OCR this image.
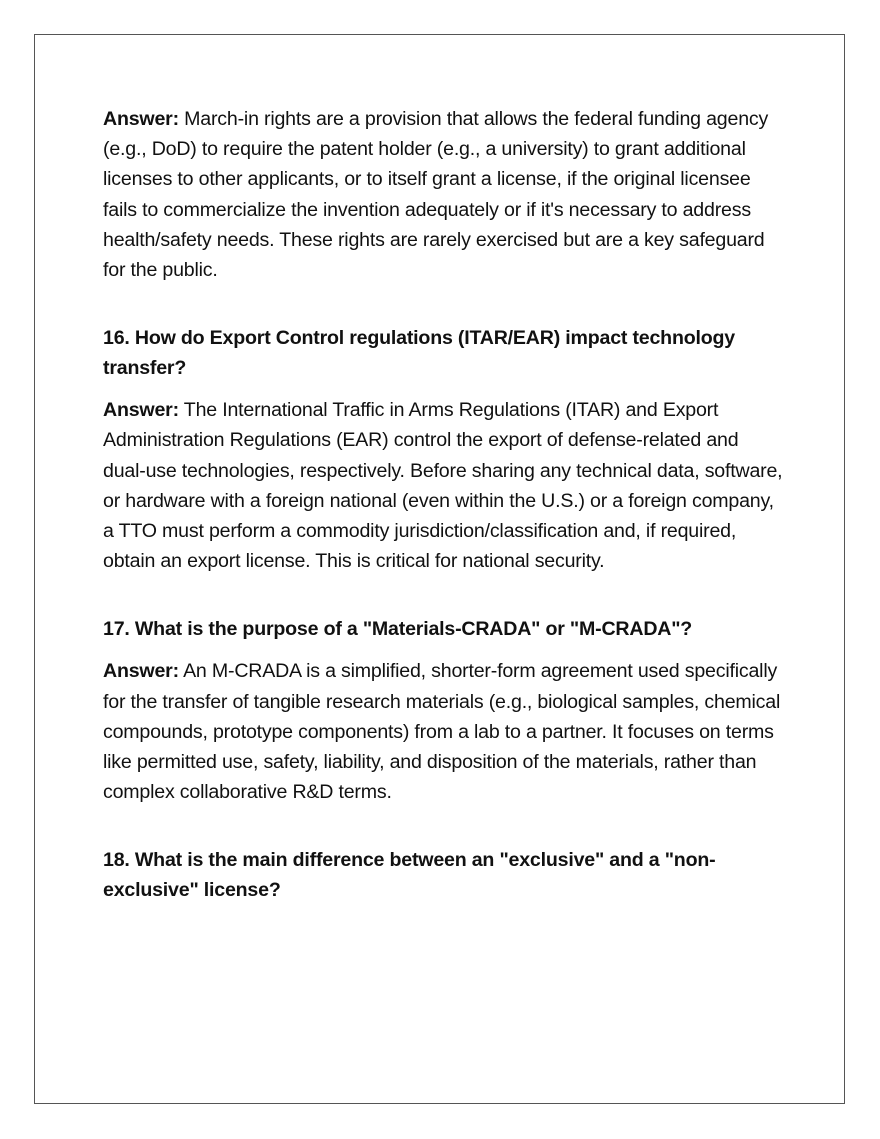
Answer: March-in rights are a provision that allows the federal funding agency (e.g., DoD) to require the patent holder (e.g., a university) to grant additional licenses to other applicants, or to itself grant a license, if the original licensee fails to commercialize the invention adequately or if it's necessary to address health/safety needs. These rights are rarely exercised but are a key safeguard for the public.

16. How do Export Control regulations (ITAR/EAR) impact technology transfer?

Answer: The International Traffic in Arms Regulations (ITAR) and Export Administration Regulations (EAR) control the export of defense-related and dual-use technologies, respectively. Before sharing any technical data, software, or hardware with a foreign national (even within the U.S.) or a foreign company, a TTO must perform a commodity jurisdiction/classification and, if required, obtain an export license. This is critical for national security.

17. What is the purpose of a "Materials-CRADA" or "M-CRADA"?

Answer: An M-CRADA is a simplified, shorter-form agreement used specifically for the transfer of tangible research materials (e.g., biological samples, chemical compounds, prototype components) from a lab to a partner. It focuses on terms like permitted use, safety, liability, and disposition of the materials, rather than complex collaborative R&D terms.

18. What is the main difference between an "exclusive" and a "non-exclusive" license?
